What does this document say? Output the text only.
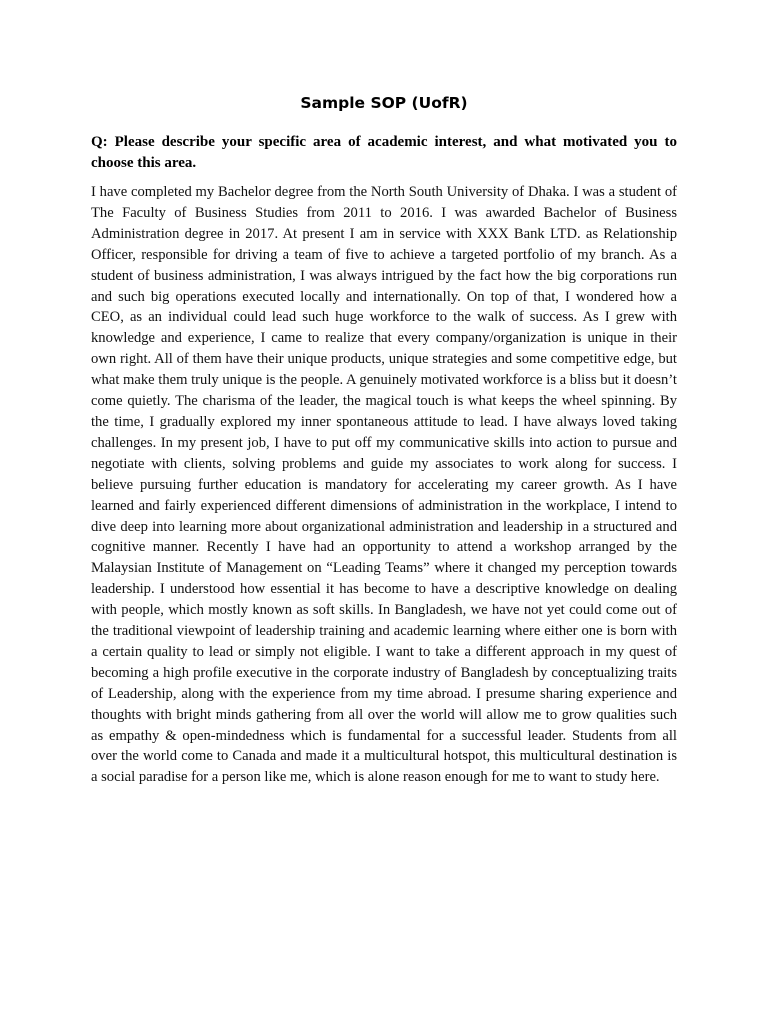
Sample SOP (UofR)

Q: Please describe your specific area of academic interest, and what motivated you to choose this area.

I have completed my Bachelor degree from the North South University of Dhaka. I was a student of The Faculty of Business Studies from 2011 to 2016. I was awarded Bachelor of Business Administration degree in 2017. At present I am in service with XXX Bank LTD. as Relationship Officer, responsible for driving a team of five to achieve a targeted portfolio of my branch. As a student of business administration, I was always intrigued by the fact how the big corporations run and such big operations executed locally and internationally. On top of that, I wondered how a CEO, as an individual could lead such huge workforce to the walk of success. As I grew with knowledge and experience, I came to realize that every company/organization is unique in their own right. All of them have their unique products, unique strategies and some competitive edge, but what make them truly unique is the people. A genuinely motivated workforce is a bliss but it doesn’t come quietly. The charisma of the leader, the magical touch is what keeps the wheel spinning. By the time, I gradually explored my inner spontaneous attitude to lead. I have always loved taking challenges. In my present job, I have to put off my communicative skills into action to pursue and negotiate with clients, solving problems and guide my associates to work along for success. I believe pursuing further education is mandatory for accelerating my career growth. As I have learned and fairly experienced different dimensions of administration in the workplace, I intend to dive deep into learning more about organizational administration and leadership in a structured and cognitive manner. Recently I have had an opportunity to attend a workshop arranged by the Malaysian Institute of Management on “Leading Teams” where it changed my perception towards leadership. I understood how essential it has become to have a descriptive knowledge on dealing with people, which mostly known as soft skills. In Bangladesh, we have not yet could come out of the traditional viewpoint of leadership training and academic learning where either one is born with a certain quality to lead or simply not eligible. I want to take a different approach in my quest of becoming a high profile executive in the corporate industry of Bangladesh by conceptualizing traits of Leadership, along with the experience from my time abroad. I presume sharing experience and thoughts with bright minds gathering from all over the world will allow me to grow qualities such as empathy & open-mindedness which is fundamental for a successful leader. Students from all over the world come to Canada and made it a multicultural hotspot, this multicultural destination is a social paradise for a person like me, which is alone reason enough for me to want to study here.
